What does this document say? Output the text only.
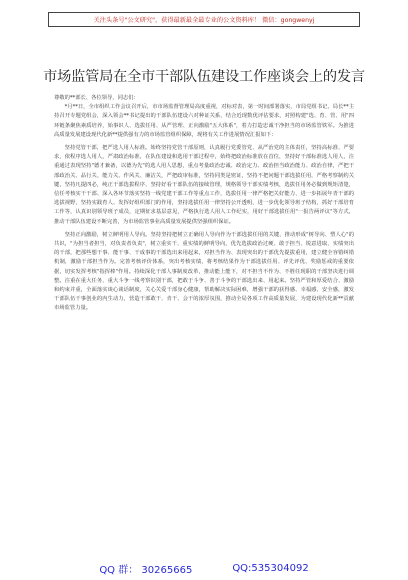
关注头条号"公文研究"，获得最新最全最专业的公文资料库！ 微信：gongwenyj
市场监管局在全市干部队伍建设工作座谈会上的发言

尊敬的**部长、各位领导，同志们：

*月**日，全市组织工作会议召开后，市市场监督管理局高度重视，对标对表，第一时间部署落实，市局党组书记、局长**主持召开专题党组会，深入领会**书记提出的干部队伍建设六对种证关系，结合近现数优评估要求，对照构建"选、育、管、用"四环链条聚焦素质培养，始事识人、选拔任用、从严管理、正向激励"五大体系"，着力打造忠诚干净担当的市场监管铁军。为推进高质量发展建设现代化新**提供强有力的市场监管组织保障，现将有关工作进展情况汇报如下：

坚持党管干部，把严选人用人标准。始终坚持党管干部原则，认真履行党委管党、从严治党的主体责任，坚持高标准、严要求，依程序选人用人，严肃政治标准，在队伍建设和选用干部过程中，始终把政治标准放在首位，坚持好干部标准选人用人，注重通过表现坚持"德才兼备，以德为先"的选人用人思想，重点考量政治忠诚、政治定力、政治担当政治能力、政治自律，严把干部政治关、品行关、能力关、作风关、廉洁关，严把政审标准，坚持同类是密证，坚持不把问题干部选拔任用，严格考察制约关键，坚持凡提四必，纯正干部选拔程序、坚持好看干部队伍的接续管理，规格领导干部实绩考核，选拔任用务必做到规矩清楚，信任考核实干干部、深入各环节落实坚持一线党建干部工作等重点工作，选拔任用一律严格把关好能力、进一步拓展年青干部的选拔视野，坚持实践育人、发挥好组织部门的作用，坚持选拔任用一律坚持公开透明，进一步优化领导班子结构，抓好干部培育工作等，认真识别领导班子成员，定期征求基层意见，严格执行选人用人工作纪实，用好干部选拔任用"一报告两评议"等方式，推动干部队伍建设不断完善，为市场监管事业高质量发展提供坚强组织保证。

坚持正向激励，树立鲜明用人导向。坚持坚持把树立正确用人导向作为干部选拔任用的关键，推动形成"树导向、塑人心"的共识，"为担当者担当，对负责者负责"，树立重实干、重实绩的鲜明导向，优先选拔政治过硬、敢于担当、锐意进取、实绩突出的干部，把那些想干事、能干事、干成事的干部选出来用起来，对担当作为、表现突出的干部优先提拔重用，建立健全容错纠错机制，激励干部担当作为。完善考核评价体系，突出考核实绩，将考核结果作为干部选拔任用、评先评优、奖励惩戒的重要依据，切实发挥考核"指挥棒"作用。持续深化干部人事制度改革，推动能上能下，对不担当不作为、不胜任现职的干部坚决进行调整。注重在重大任务、重大斗争一线考察识别干部，把敢于斗争、善于斗争的干部选出来、用起来。坚持严管和厚爱结合、激励和约束并重，全面落实谈心谈话制度，关心关爱干部身心健康，帮助解决实际困难，增强干部的获得感、幸福感、安全感，激发干部队伍干事创业的内生动力，营造干部敢干、肯干、会干的浓厚氛围，推动全局各项工作高质量发展，为建设现代化新**贡献市场监管力量。

QQ 群： 30265665	QQ:535304092
